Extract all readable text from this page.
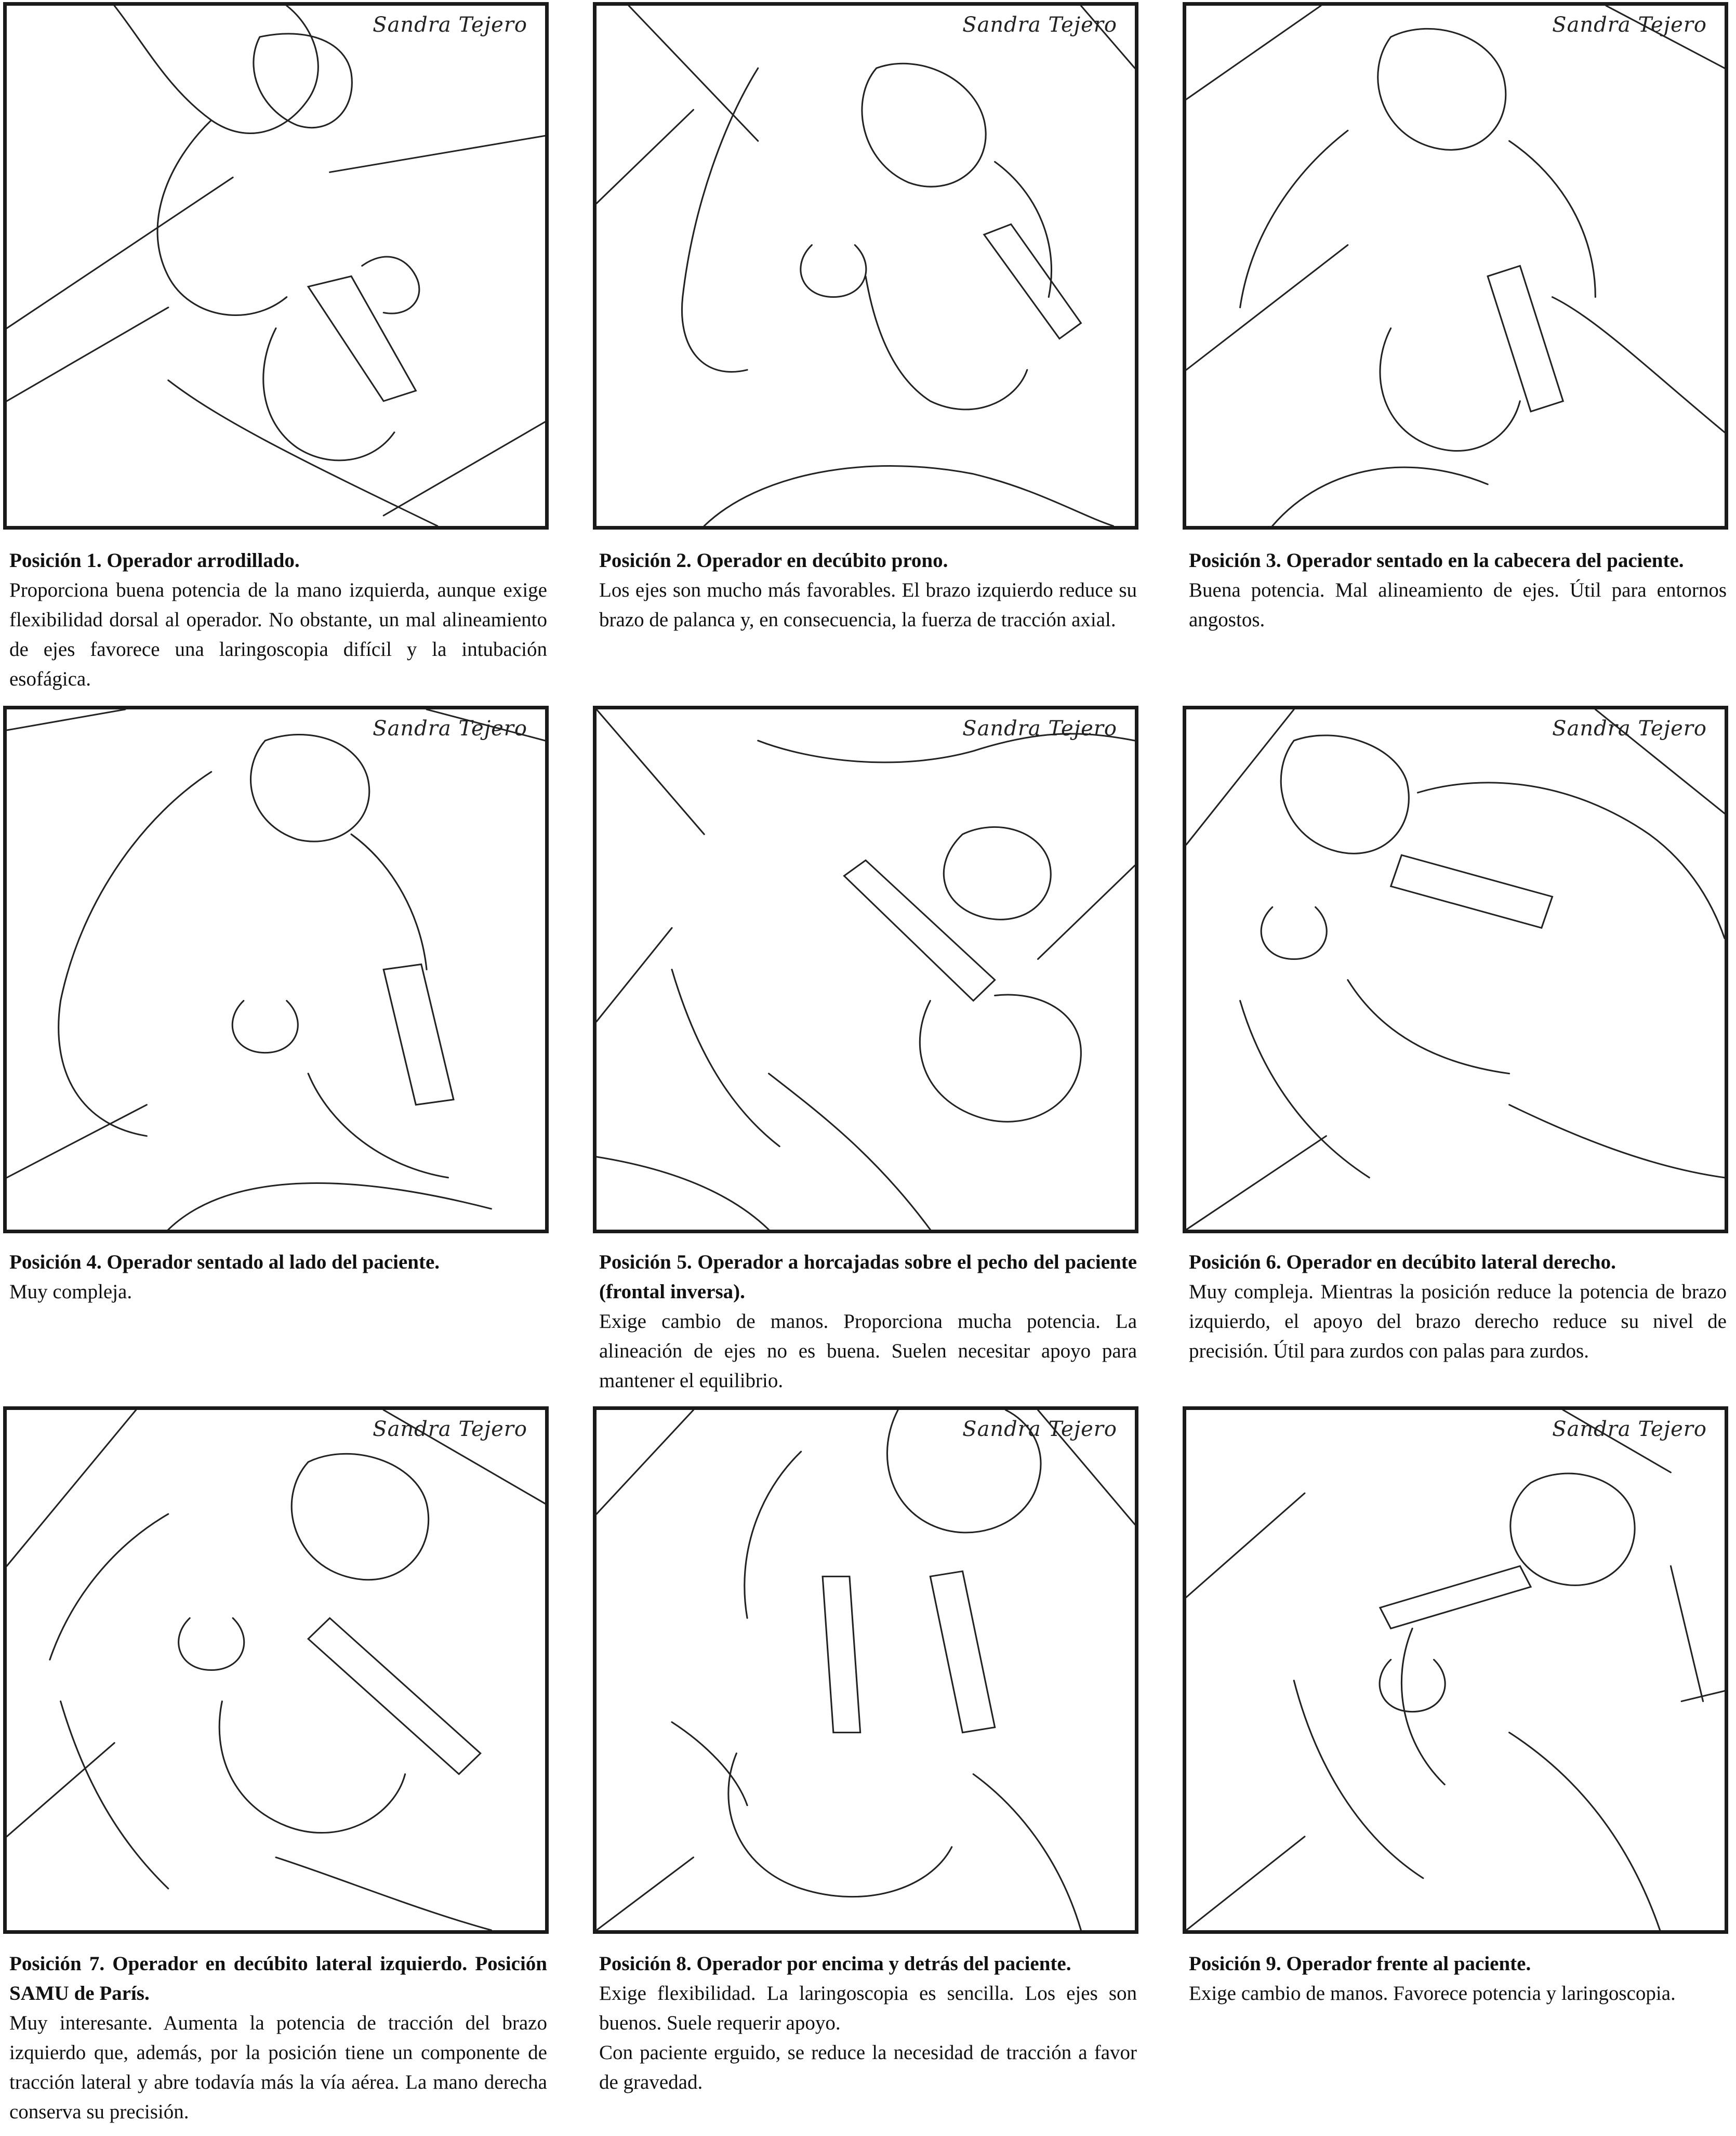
Sandra Tejero
Posición 1. Operador arrodillado.
Proporciona buena potencia de la mano izquierda, aunque exige flexibilidad dorsal al operador. No obstante, un mal alineamiento de ejes favorece una laringoscopia difícil y la intubación esofágica.
Sandra Tejero
Posición 2. Operador en decúbito prono.
Los ejes son mucho más favorables. El brazo izquierdo reduce su brazo de palanca y, en consecuencia, la fuerza de tracción axial.
Sandra Tejero
Posición 3. Operador sentado en la cabecera del paciente.
Buena potencia. Mal alineamiento de ejes. Útil para entornos angostos.
Sandra Tejero
Posición 4. Operador sentado al lado del paciente.
Muy compleja.
Sandra Tejero
Posición 5. Operador a horcajadas sobre el pecho del paciente (frontal inversa).
Exige cambio de manos. Proporciona mucha potencia. La alineación de ejes no es buena. Suelen necesitar apoyo para mantener el equilibrio.
Sandra Tejero
Posición 6. Operador en decúbito lateral derecho.
Muy compleja. Mientras la posición reduce la potencia de brazo izquierdo, el apoyo del brazo derecho reduce su nivel de precisión. Útil para zurdos con palas para zurdos.
Sandra Tejero
Posición 7. Operador en decúbito lateral izquierdo. Posición SAMU de París.
Muy interesante. Aumenta la potencia de tracción del brazo izquierdo que, además, por la posición tiene un componente de tracción lateral y abre todavía más la vía aérea. La mano derecha conserva su precisión.
Sandra Tejero
Posición 8. Operador por encima y detrás del paciente.
Exige flexibilidad. La laringoscopia es sencilla. Los ejes son buenos. Suele requerir apoyo.
Con paciente erguido, se reduce la necesidad de tracción a favor de gravedad.
Sandra Tejero
Posición 9. Operador frente al paciente.
Exige cambio de manos. Favorece potencia y laringoscopia.
